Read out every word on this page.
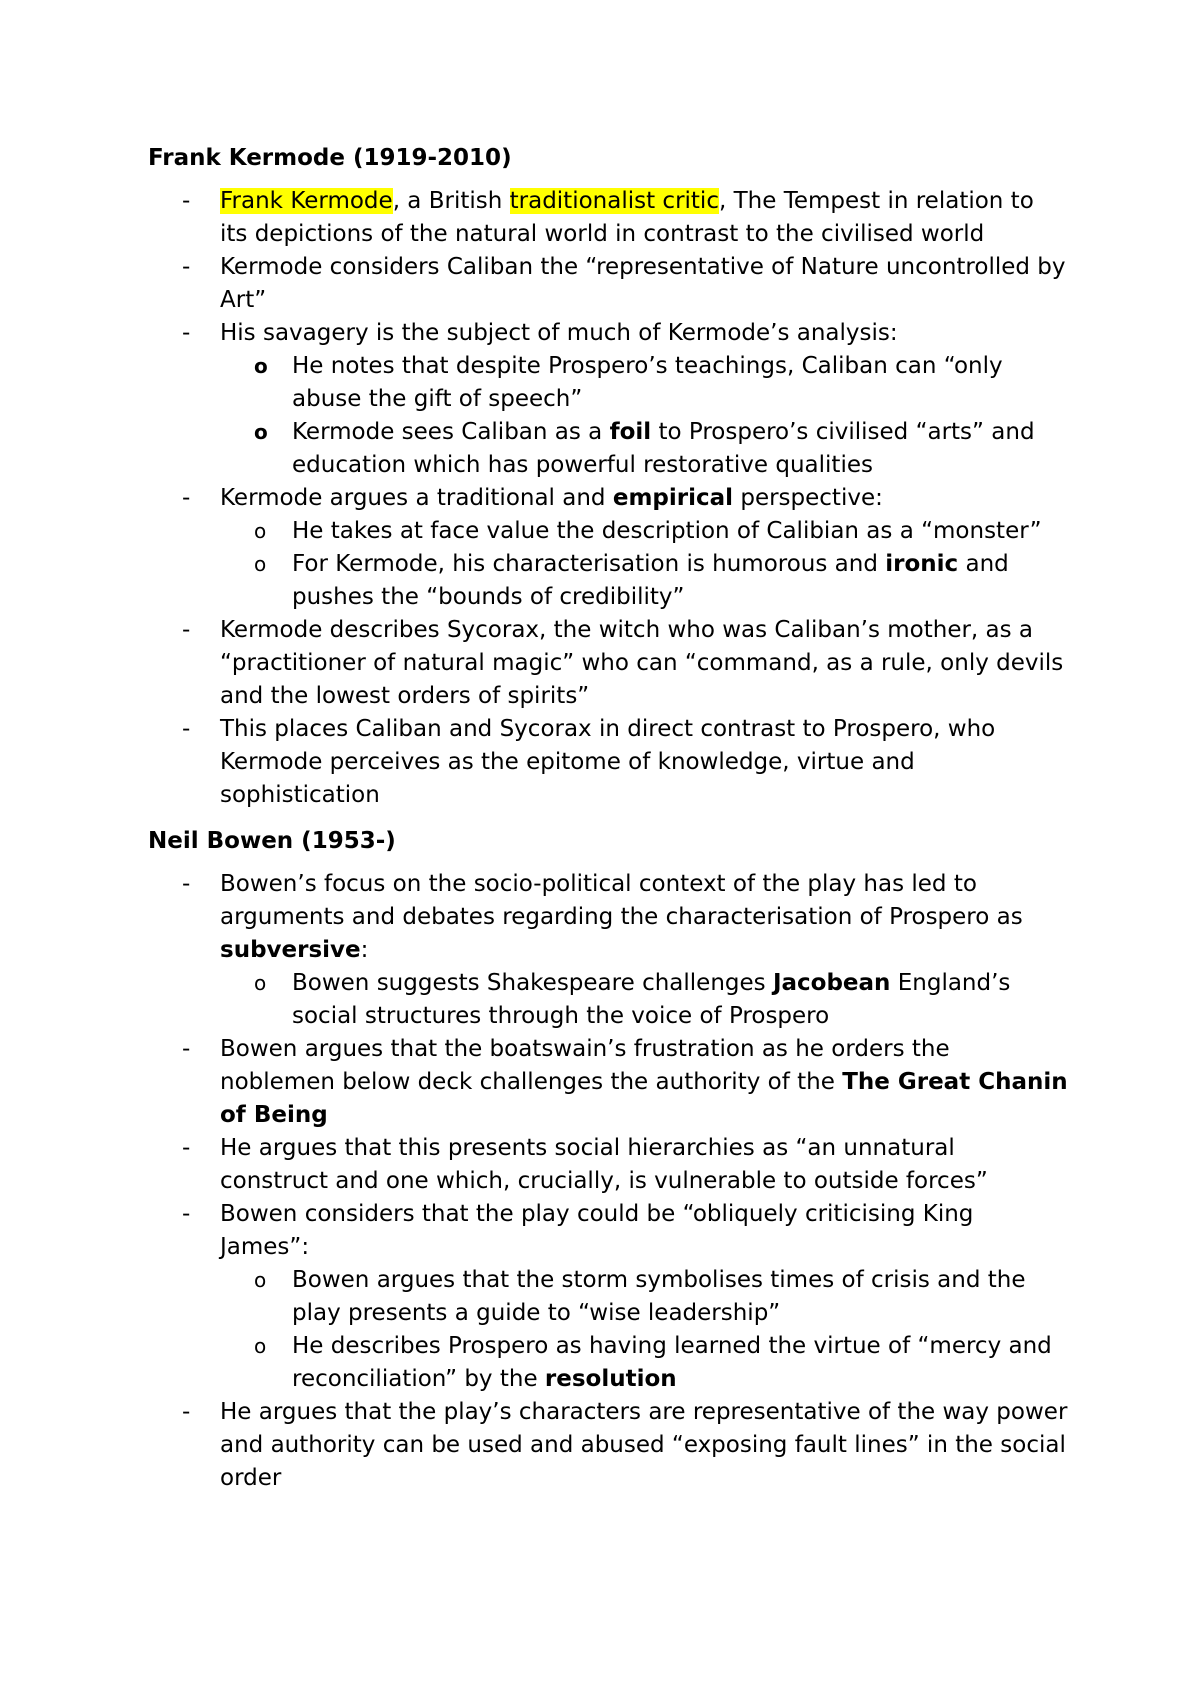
Frank Kermode (1919-2010)
- Frank Kermode, a British traditionalist critic, The Tempest in relation to its depictions of the natural world in contrast to the civilised world
- Kermode considers Caliban the “representative of Nature uncontrolled by Art”
- His savagery is the subject of much of Kermode’s analysis:
o He notes that despite Prospero’s teachings, Caliban can “only abuse the gift of speech”
o Kermode sees Caliban as a foil to Prospero’s civilised “arts” and education which has powerful restorative qualities
- Kermode argues a traditional and empirical perspective:
o He takes at face value the description of Calibian as a “monster”
o For Kermode, his characterisation is humorous and ironic and pushes the “bounds of credibility”
- Kermode describes Sycorax, the witch who was Caliban’s mother, as a “practitioner of natural magic” who can “command, as a rule, only devils and the lowest orders of spirits”
- This places Caliban and Sycorax in direct contrast to Prospero, who Kermode perceives as the epitome of knowledge, virtue and sophistication
Neil Bowen (1953-)
- Bowen’s focus on the socio-political context of the play has led to arguments and debates regarding the characterisation of Prospero as subversive:
o Bowen suggests Shakespeare challenges Jacobean England’s social structures through the voice of Prospero
- Bowen argues that the boatswain’s frustration as he orders the noblemen below deck challenges the authority of the The Great Chanin of Being
- He argues that this presents social hierarchies as “an unnatural construct and one which, crucially, is vulnerable to outside forces”
- Bowen considers that the play could be “obliquely criticising King James”:
o Bowen argues that the storm symbolises times of crisis and the play presents a guide to “wise leadership”
o He describes Prospero as having learned the virtue of “mercy and reconciliation” by the resolution
- He argues that the play’s characters are representative of the way power and authority can be used and abused “exposing fault lines” in the social order
